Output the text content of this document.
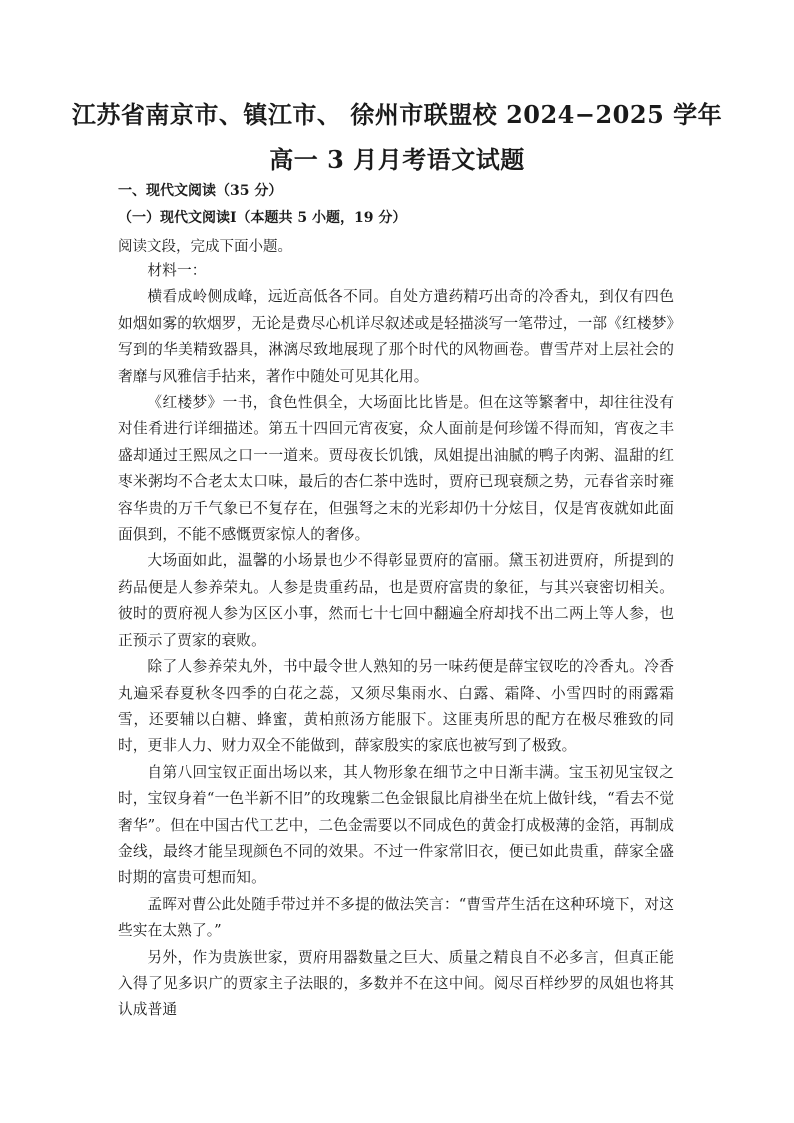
江苏省南京市、镇江市、 徐州市联盟校 2024−2025 学年
高一 3 月月考语文试题
一、现代文阅读（35 分）
（一）现代文阅读Ⅰ（本题共 5 小题，19 分）
阅读文段，完成下面小题。

材料一：

横看成岭侧成峰，远近高低各不同。自处方遣药精巧出奇的冷香丸，到仅有四色如烟如雾的软烟罗，无论是费尽心机详尽叙述或是轻描淡写一笔带过，一部《红楼梦》写到的华美精致器具，淋漓尽致地展现了那个时代的风物画卷。曹雪芹对上层社会的奢靡与风雅信手拈来，著作中随处可见其化用。

《红楼梦》一书，食色性俱全，大场面比比皆是。但在这等繁奢中，却往往没有对佳肴进行详细描述。第五十四回元宵夜宴，众人面前是何珍馐不得而知，宵夜之丰盛却通过王熙凤之口一一道来。贾母夜长饥饿，凤姐提出油腻的鸭子肉粥、温甜的红枣米粥均不合老太太口味，最后的杏仁茶中选时，贾府已现衰颓之势，元春省亲时雍容华贵的万千气象已不复存在，但强弩之末的光彩却仍十分炫目，仅是宵夜就如此面面俱到，不能不感慨贾家惊人的奢侈。

大场面如此，温馨的小场景也少不得彰显贾府的富丽。黛玉初进贾府，所提到的药品便是人参养荣丸。人参是贵重药品，也是贾府富贵的象征，与其兴衰密切相关。彼时的贾府视人参为区区小事，然而七十七回中翻遍全府却找不出二两上等人参，也正预示了贾家的衰败。

除了人参养荣丸外，书中最令世人熟知的另一味药便是薛宝钗吃的冷香丸。冷香丸遍采春夏秋冬四季的白花之蕊，又须尽集雨水、白露、霜降、小雪四时的雨露霜雪，还要辅以白糖、蜂蜜，黄柏煎汤方能服下。这匪夷所思的配方在极尽雅致的同时，更非人力、财力双全不能做到，薛家殷实的家底也被写到了极致。

自第八回宝钗正面出场以来，其人物形象在细节之中日渐丰满。宝玉初见宝钗之时，宝钗身着“一色半新不旧”的玫瑰紫二色金银鼠比肩褂坐在炕上做针线，“看去不觉奢华”。但在中国古代工艺中，二色金需要以不同成色的黄金打成极薄的金箔，再制成金线，最终才能呈现颜色不同的效果。不过一件家常旧衣，便已如此贵重，薛家全盛时期的富贵可想而知。

孟晖对曹公此处随手带过并不多提的做法笑言：“曹雪芹生活在这种环境下，对这些实在太熟了。”

另外，作为贵族世家，贾府用器数量之巨大、质量之精良自不必多言，但真正能入得了见多识广的贾家主子法眼的，多数并不在这中间。阅尽百样纱罗的凤姐也将其认成普通
